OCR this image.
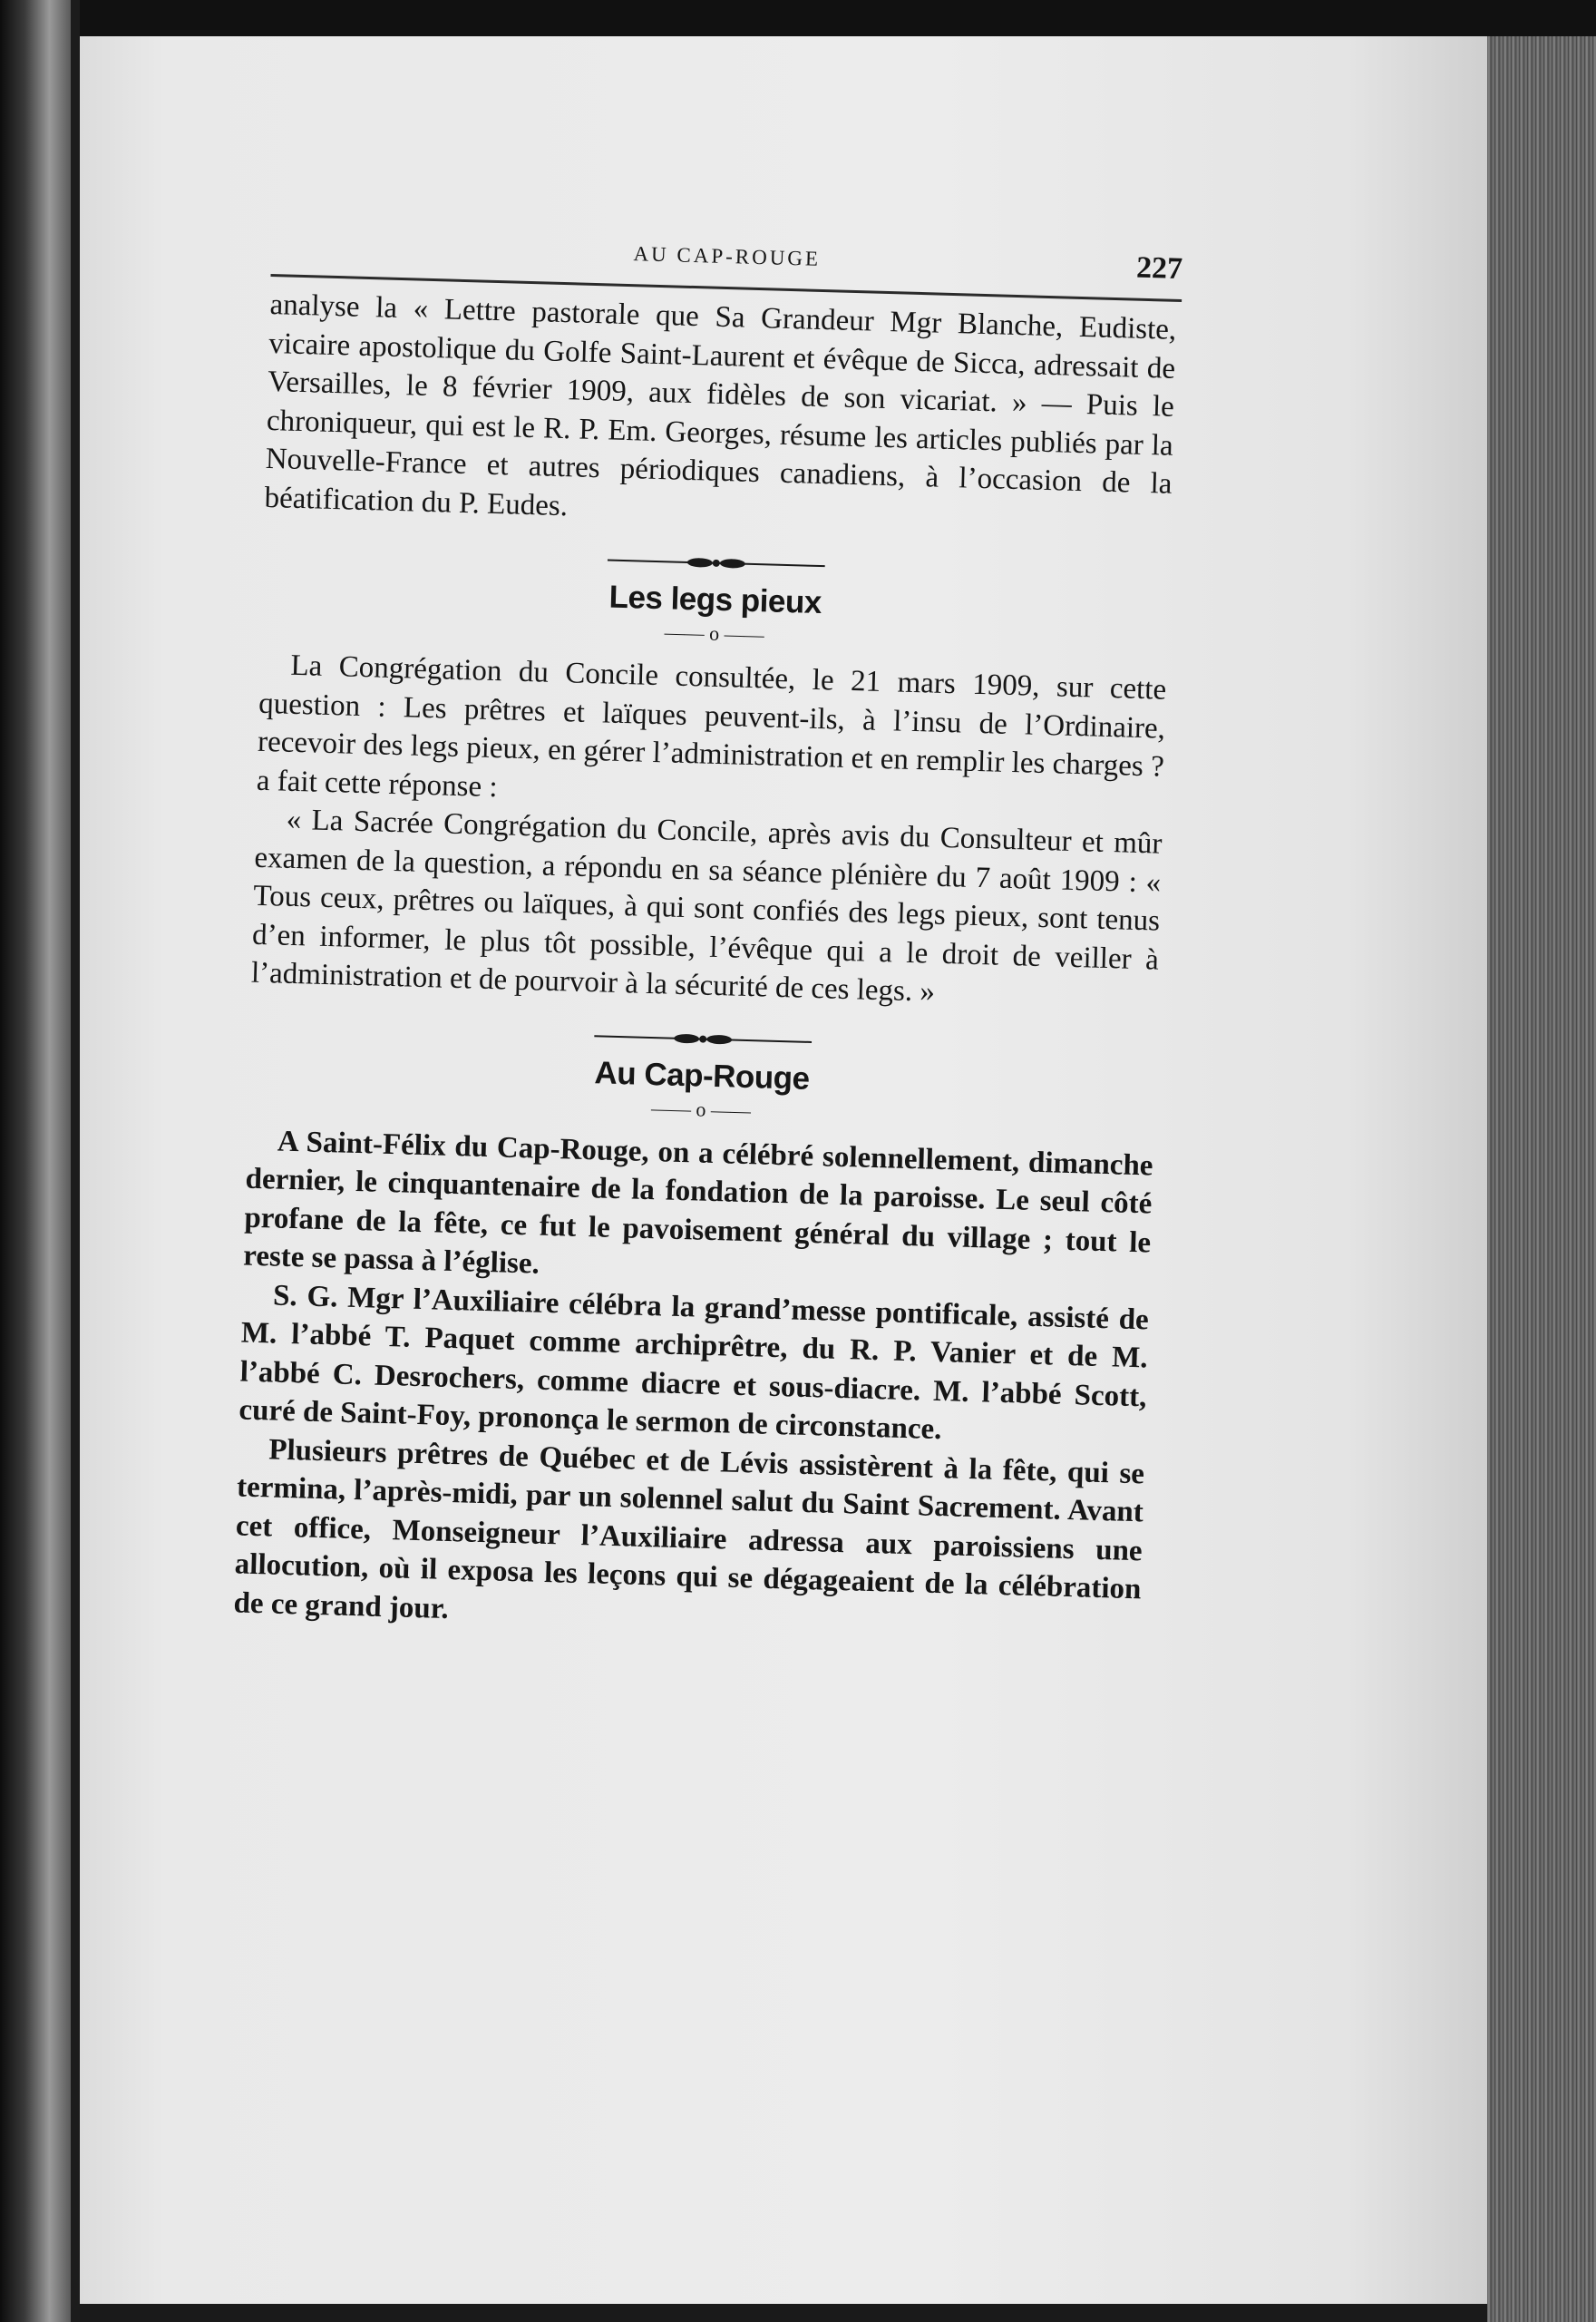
AU CAP-ROUGE	227

analyse la « Lettre pastorale que Sa Grandeur Mgr Blanche, Eudiste, vicaire apostolique du Golfe Saint-Laurent et évêque de Sicca, adressait de Versailles, le 8 février 1909, aux fidèles de son vicariat. » — Puis le chroniqueur, qui est le R. P. Em. Georges, résume les articles publiés par la Nouvelle-France et autres périodiques canadiens, à l’occasion de la béatification du P. Eudes.

Les legs pieux
—— o ——

La Congrégation du Concile consultée, le 21 mars 1909, sur cette question : Les prêtres et laïques peuvent-ils, à l’insu de l’Ordinaire, recevoir des legs pieux, en gérer l’administration et en remplir les charges ? a fait cette réponse :

« La Sacrée Congrégation du Concile, après avis du Consulteur et mûr examen de la question, a répondu en sa séance plénière du 7 août 1909 : « Tous ceux, prêtres ou laïques, à qui sont confiés des legs pieux, sont tenus d’en informer, le plus tôt possible, l’évêque qui a le droit de veiller à l’administration et de pourvoir à la sécurité de ces legs. »

Au Cap-Rouge
—— o ——

A Saint-Félix du Cap-Rouge, on a célébré solennellement, dimanche dernier, le cinquantenaire de la fondation de la paroisse. Le seul côté profane de la fête, ce fut le pavoisement général du village ; tout le reste se passa à l’église.

S. G. Mgr l’Auxiliaire célébra la grand’messe pontificale, assisté de M. l’abbé T. Paquet comme archiprêtre, du R. P. Vanier et de M. l’abbé C. Desrochers, comme diacre et sous-diacre. M. l’abbé Scott, curé de Saint-Foy, prononça le sermon de circonstance.

Plusieurs prêtres de Québec et de Lévis assistèrent à la fête, qui se termina, l’après-midi, par un solennel salut du Saint Sacrement. Avant cet office, Monseigneur l’Auxiliaire adressa aux paroissiens une allocution, où il exposa les leçons qui se dégageaient de la célébration de ce grand jour.
